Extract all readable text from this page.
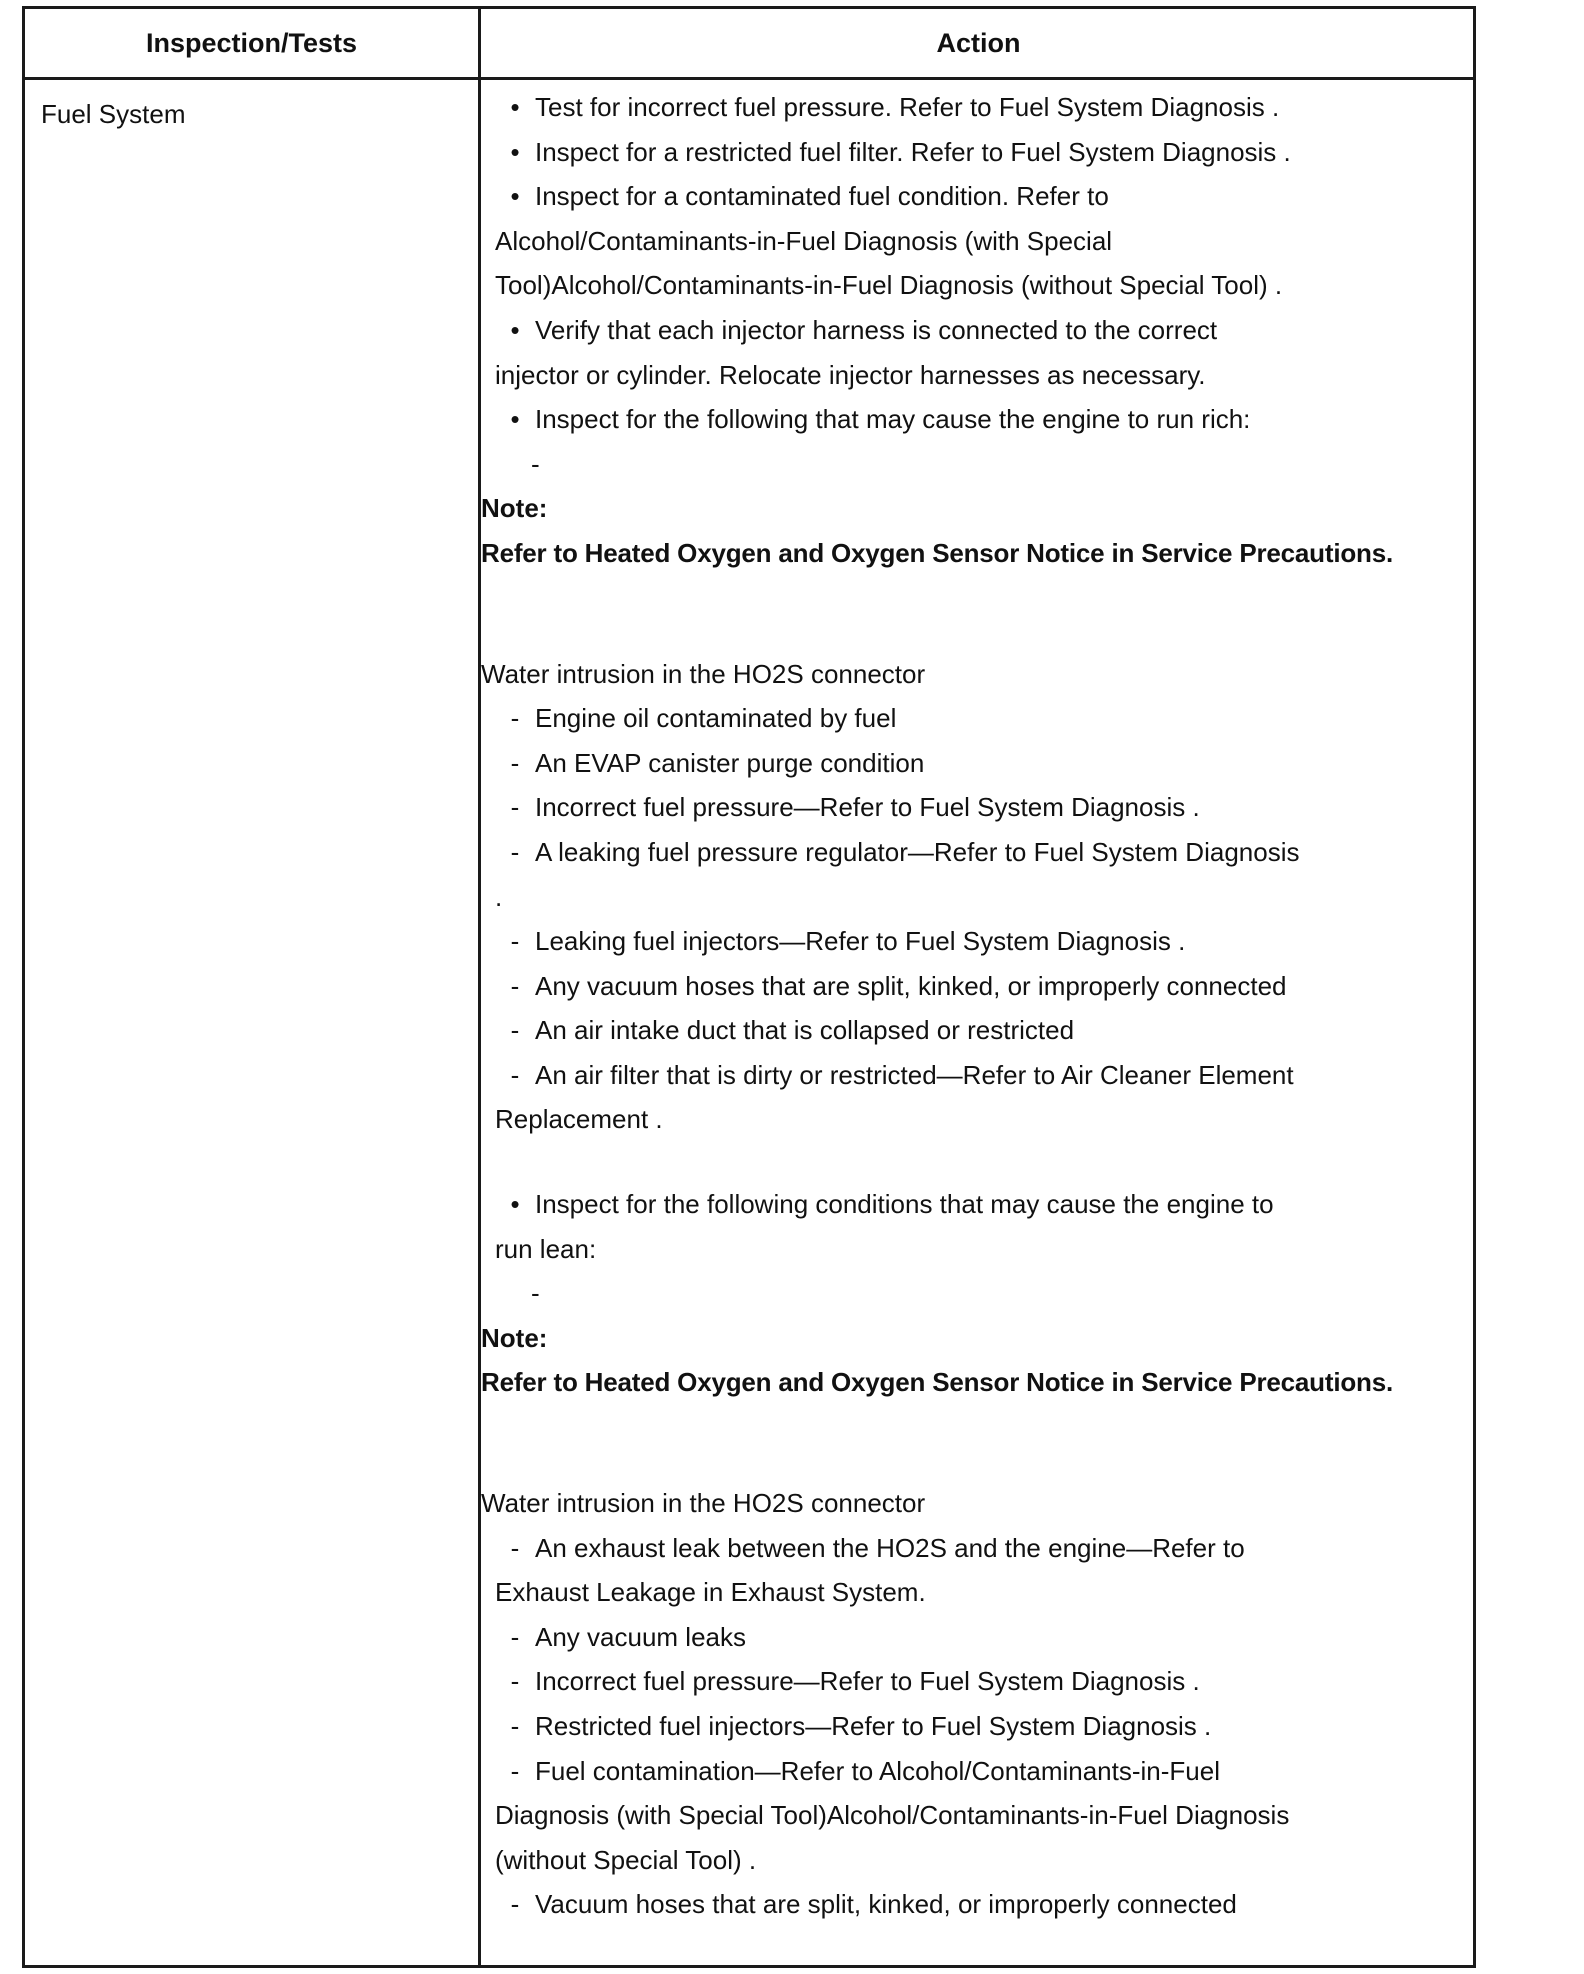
Inspection/Tests	Action
Fuel System	• Test for incorrect fuel pressure. Refer to Fuel System Diagnosis .
• Inspect for a restricted fuel filter. Refer to Fuel System Diagnosis .
• Inspect for a contaminated fuel condition. Refer to
Alcohol/Contaminants-in-Fuel Diagnosis (with Special
Tool)Alcohol/Contaminants-in-Fuel Diagnosis (without Special Tool) .
• Verify that each injector harness is connected to the correct
injector or cylinder. Relocate injector harnesses as necessary.
• Inspect for the following that may cause the engine to run rich:
-
Note:
Refer to Heated Oxygen and Oxygen Sensor Notice in Service Precautions.
Water intrusion in the HO2S connector
- Engine oil contaminated by fuel
- An EVAP canister purge condition
- Incorrect fuel pressure—Refer to Fuel System Diagnosis .
- A leaking fuel pressure regulator—Refer to Fuel System Diagnosis
.
- Leaking fuel injectors—Refer to Fuel System Diagnosis .
- Any vacuum hoses that are split, kinked, or improperly connected
- An air intake duct that is collapsed or restricted
- An air filter that is dirty or restricted—Refer to Air Cleaner Element
Replacement .
• Inspect for the following conditions that may cause the engine to
run lean:
-
Note:
Refer to Heated Oxygen and Oxygen Sensor Notice in Service Precautions.
Water intrusion in the HO2S connector
- An exhaust leak between the HO2S and the engine—Refer to
Exhaust Leakage in Exhaust System.
- Any vacuum leaks
- Incorrect fuel pressure—Refer to Fuel System Diagnosis .
- Restricted fuel injectors—Refer to Fuel System Diagnosis .
- Fuel contamination—Refer to Alcohol/Contaminants-in-Fuel
Diagnosis (with Special Tool)Alcohol/Contaminants-in-Fuel Diagnosis
(without Special Tool) .
- Vacuum hoses that are split, kinked, or improperly connected
